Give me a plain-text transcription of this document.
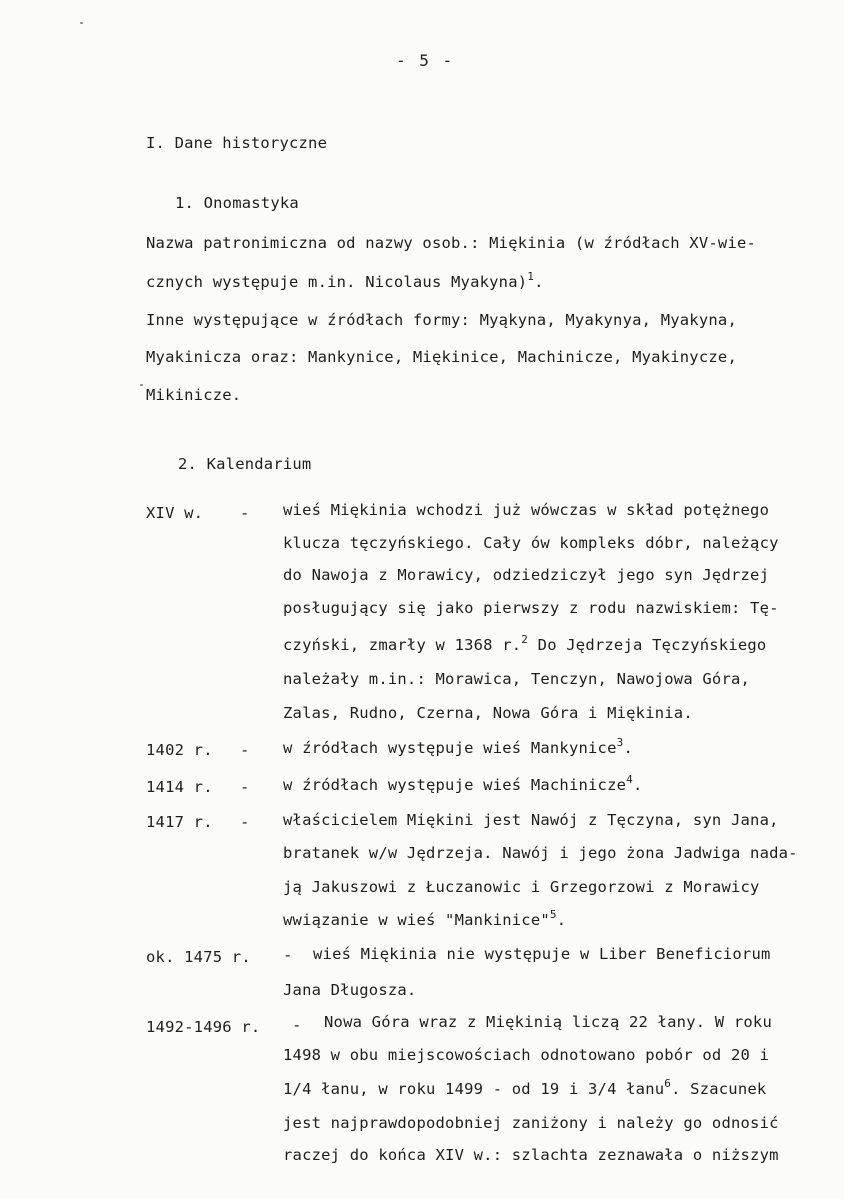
- 5 -
I. Dane historyczne
1. Onomastyka
Nazwa patronimiczna od nazwy osob.: Miękinia (w źródłach XV-wie-
cznych występuje m.in. Nicolaus Myakyna)$^1$.
Inne występujące w źródłach formy: Myąkyna, Myakynya, Myakyna,
Myakinicza oraz: Mankynice, Miękinice, Machinicze, Myakinycze,
Mikinicze.
2. Kalendarium
XIV w. - wieś Miękinia wchodzi już wówczas w skład potężnego
klucza tęczyńskiego. Cały ów kompleks dóbr, należący
do Nawoja z Morawicy, odziedziczył jego syn Jędrzej
posługujący się jako pierwszy z rodu nazwiskiem: Tę-
czyński, zmarły w 1368 r.$^2$ Do Jędrzeja Tęczyńskiego
należały m.in.: Morawica, Tenczyn, Nawojowa Góra,
Zalas, Rudno, Czerna, Nowa Góra i Miękinia.
1402 r. - w źródłach występuje wieś Mankynice$^3$.
1414 r. - w źródłach występuje wieś Machinicze$^4$.
1417 r. - właścicielem Miękini jest Nawój z Tęczyna, syn Jana,
bratanek w/w Jędrzeja. Nawój i jego żona Jadwiga nada-
ją Jakuszowi z Łuczanowic i Grzegorzowi z Morawicy
wwiązanie w wieś "Mankinice"$^5$.
ok. 1475 r. - wieś Miękinia nie występuje w Liber Beneficiorum
Jana Długosza.
1492-1496 r. - Nowa Góra wraz z Miękinią liczą 22 łany. W roku
1498 w obu miejscowościach odnotowano pobór od 20 i
1/4 łanu, w roku 1499 - od 19 i 3/4 łanu$^6$. Szacunek
jest najprawdopodobniej zaniżony i należy go odnosić
raczej do końca XIV w.: szlachta zeznawała o niższym
